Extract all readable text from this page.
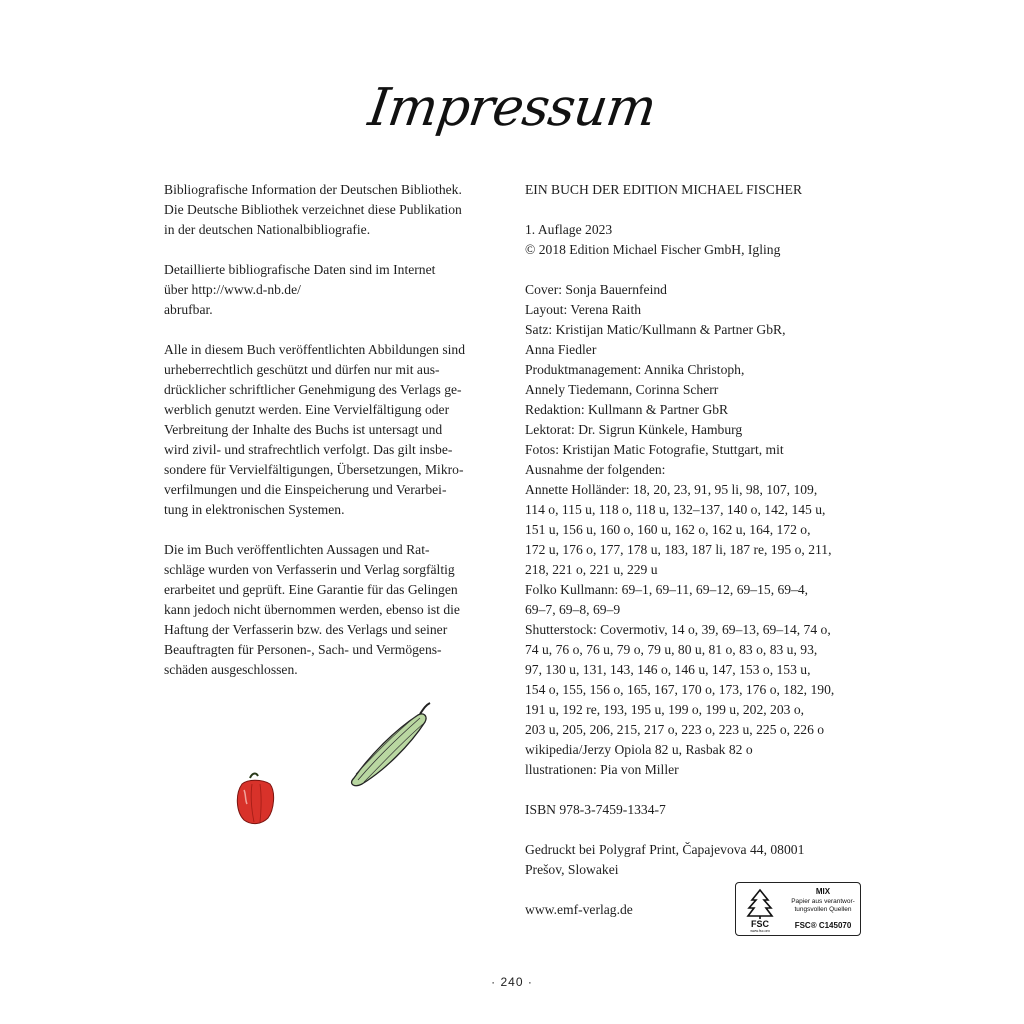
Impressum
Bibliografische Information der Deutschen Bibliothek.
Die Deutsche Bibliothek verzeichnet diese Publikation
in der deutschen Nationalbibliografie.
Detaillierte bibliografische Daten sind im Internet
über http://www.d-nb.de/
abrufbar.
Alle in diesem Buch veröffentlichten Abbildungen sind
urheberrechtlich geschützt und dürfen nur mit aus-
drücklicher schriftlicher Genehmigung des Verlags ge-
werblich genutzt werden. Eine Vervielfältigung oder
Verbreitung der Inhalte des Buchs ist untersagt und
wird zivil- und strafrechtlich verfolgt. Das gilt insbe-
sondere für Vervielfältigungen, Übersetzungen, Mikro-
verfilmungen und die Einspeicherung und Verarbei-
tung in elektronischen Systemen.
Die im Buch veröffentlichten Aussagen und Rat-
schläge wurden von Verfasserin und Verlag sorgfältig
erarbeitet und geprüft. Eine Garantie für das Gelingen
kann jedoch nicht übernommen werden, ebenso ist die
Haftung der Verfasserin bzw. des Verlags und seiner
Beauftragten für Personen-, Sach- und Vermögens-
schäden ausgeschlossen.
EIN BUCH DER EDITION MICHAEL FISCHER
1. Auflage 2023
© 2018 Edition Michael Fischer GmbH, Igling
Cover: Sonja Bauernfeind
Layout: Verena Raith
Satz: Kristijan Matic/Kullmann & Partner GbR,
Anna Fiedler
Produktmanagement: Annika Christoph,
Annely Tiedemann, Corinna Scherr
Redaktion: Kullmann & Partner GbR
Lektorat: Dr. Sigrun Künkele, Hamburg
Fotos: Kristijan Matic Fotografie, Stuttgart, mit
Ausnahme der folgenden:
Annette Holländer: 18, 20, 23, 91, 95 li, 98, 107, 109,
114 o, 115 u, 118 o, 118 u, 132–137, 140 o, 142, 145 u,
151 u, 156 u, 160 o, 160 u, 162 o, 162 u, 164, 172 o,
172 u, 176 o, 177, 178 u, 183, 187 li, 187 re, 195 o, 211,
218, 221 o, 221 u, 229 u
Folko Kullmann: 69–1, 69–11, 69–12, 69–15, 69–4,
69–7, 69–8, 69–9
Shutterstock: Covermotiv, 14 o, 39, 69–13, 69–14, 74 o,
74 u, 76 o, 76 u, 79 o, 79 u, 80 u, 81 o, 83 o, 83 u, 93,
97, 130 u, 131, 143, 146 o, 146 u, 147, 153 o, 153 u,
154 o, 155, 156 o, 165, 167, 170 o, 173, 176 o, 182, 190,
191 u, 192 re, 193, 195 u, 199 o, 199 u, 202, 203 o,
203 u, 205, 206, 215, 217 o, 223 o, 223 u, 225 o, 226 o
wikipedia/Jerzy Opiola 82 u, Rasbak 82 o
llustrationen: Pia von Miller
ISBN 978-3-7459-1334-7
Gedruckt bei Polygraf Print, Čapajevova 44, 08001
Prešov, Slowakei
www.emf-verlag.de
FSC
www.fsc.org
MIX
Papier aus verantwor-
tungsvollen Quellen
FSC® C145070
· 240 ·
